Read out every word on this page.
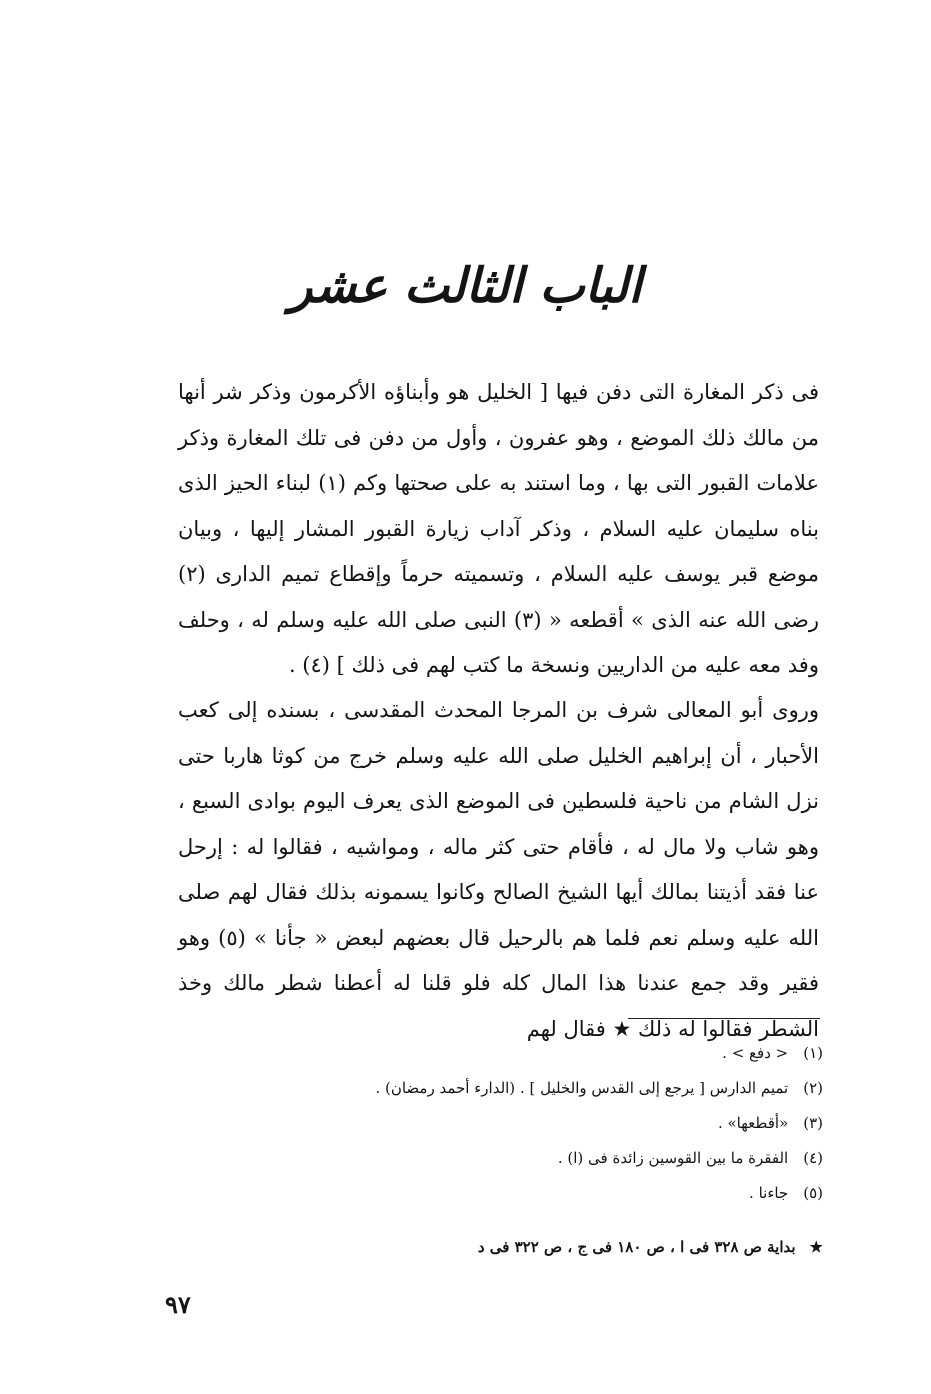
الباب الثالث عشر
فى ذكر المغارة التى دفن فيها [ الخليل هو وأبناؤه الأكرمون وذكر شر أنها من مالك ذلك الموضع ، وهو عفرون ، وأول من دفن فى تلك المغارة وذكر علامات القبور التى بها ، وما استند به على صحتها وكم (١) لبناء الحيز الذى بناه سليمان عليه السلام ، وذكر آداب زيارة القبور المشار إليها ، وبيان موضع قبر يوسف عليه السلام ، وتسميته حرماً وإقطاع تميم الدارى (٢) رضى الله عنه الذى » أقطعه « (٣) النبى صلى الله عليه وسلم له ، وحلف وفد معه عليه من الداريين ونسخة ما كتب لهم فى ذلك ] (٤) .
وروى أبو المعالى شرف بن المرجا المحدث المقدسى ، بسنده إلى كعب الأحبار ، أن إبراهيم الخليل صلى الله عليه وسلم خرج من كوثا هاربا حتى نزل الشام من ناحية فلسطين فى الموضع الذى يعرف اليوم بوادى السبع ، وهو شاب ولا مال له ، فأقام حتى كثر ماله ، ومواشيه ، فقالوا له : إرحل عنا فقد أذيتنا بمالك أيها الشيخ الصالح وكانوا يسمونه بذلك فقال لهم صلى الله عليه وسلم نعم فلما هم بالرحيل قال بعضهم لبعض « جأنا » (٥) وهو فقير وقد جمع عندنا هذا المال كله فلو قلنا له أعطنا شطر مالك وخذ الشطر فقالوا له ذلك ★ فقال لهم
(١) < دفع > .
(٢) تميم الدارس [ يرجع إلى القدس والخليل ] . (الدارء أحمد رمضان) .
(٣) «أقطعها» .
(٤) الفقرة ما بين القوسين زائدة فى (ا) .
(٥) جاءنا .
★بداية ص ٣٢٨ فى ا ، ص ١٨٠ فى ج ، ص ٣٢٢ فى د
٩٧
